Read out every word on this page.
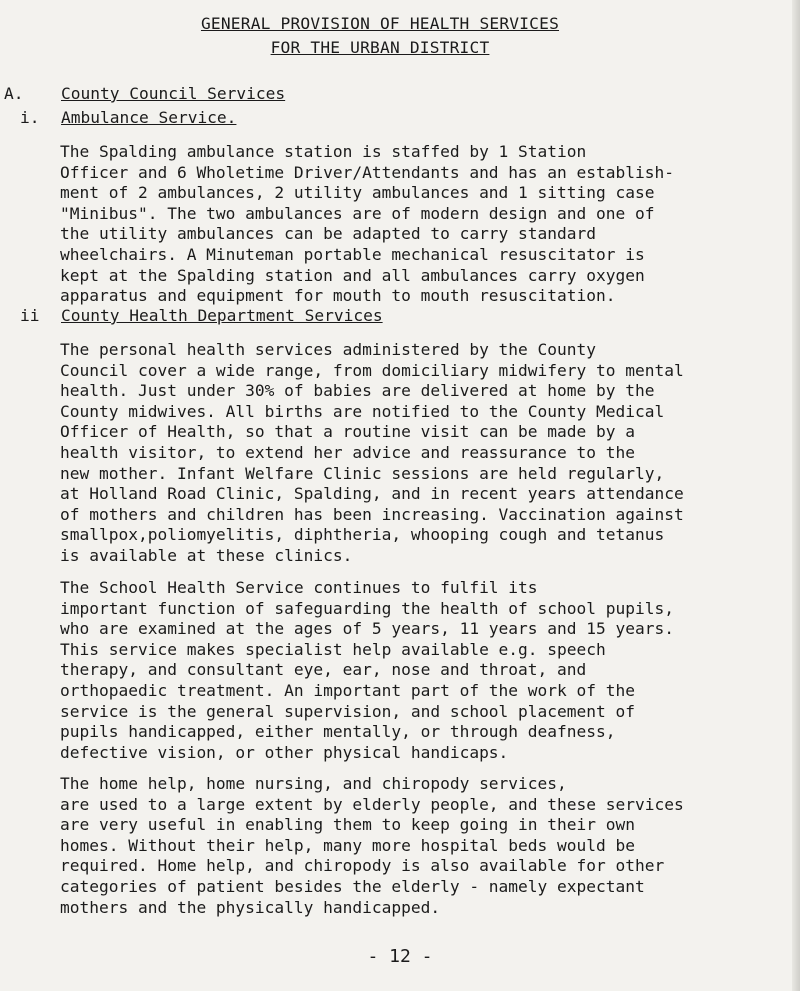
GENERAL PROVISION OF HEALTH SERVICES
FOR THE URBAN DISTRICT
A. County Council Services
i. Ambulance Service.
The Spalding ambulance station is staffed by 1 Station
Officer and 6 Wholetime Driver/Attendants and has an establish-
ment of 2 ambulances, 2 utility ambulances and 1 sitting case
"Minibus". The two ambulances are of modern design and one of
the utility ambulances can be adapted to carry standard
wheelchairs. A Minuteman portable mechanical resuscitator is
kept at the Spalding station and all ambulances carry oxygen
apparatus and equipment for mouth to mouth resuscitation.
ii County Health Department Services
The personal health services administered by the County
Council cover a wide range, from domiciliary midwifery to mental
health. Just under 30% of babies are delivered at home by the
County midwives. All births are notified to the County Medical
Officer of Health, so that a routine visit can be made by a
health visitor, to extend her advice and reassurance to the
new mother. Infant Welfare Clinic sessions are held regularly,
at Holland Road Clinic, Spalding, and in recent years attendance
of mothers and children has been increasing. Vaccination against
smallpox,poliomyelitis, diphtheria, whooping cough and tetanus
is available at these clinics.
The School Health Service continues to fulfil its
important function of safeguarding the health of school pupils,
who are examined at the ages of 5 years, 11 years and 15 years.
This service makes specialist help available e.g. speech
therapy, and consultant eye, ear, nose and throat, and
orthopaedic treatment. An important part of the work of the
service is the general supervision, and school placement of
pupils handicapped, either mentally, or through deafness,
defective vision, or other physical handicaps.
The home help, home nursing, and chiropody services,
are used to a large extent by elderly people, and these services
are very useful in enabling them to keep going in their own
homes. Without their help, many more hospital beds would be
required. Home help, and chiropody is also available for other
categories of patient besides the elderly - namely expectant
mothers and the physically handicapped.
- 12 -
